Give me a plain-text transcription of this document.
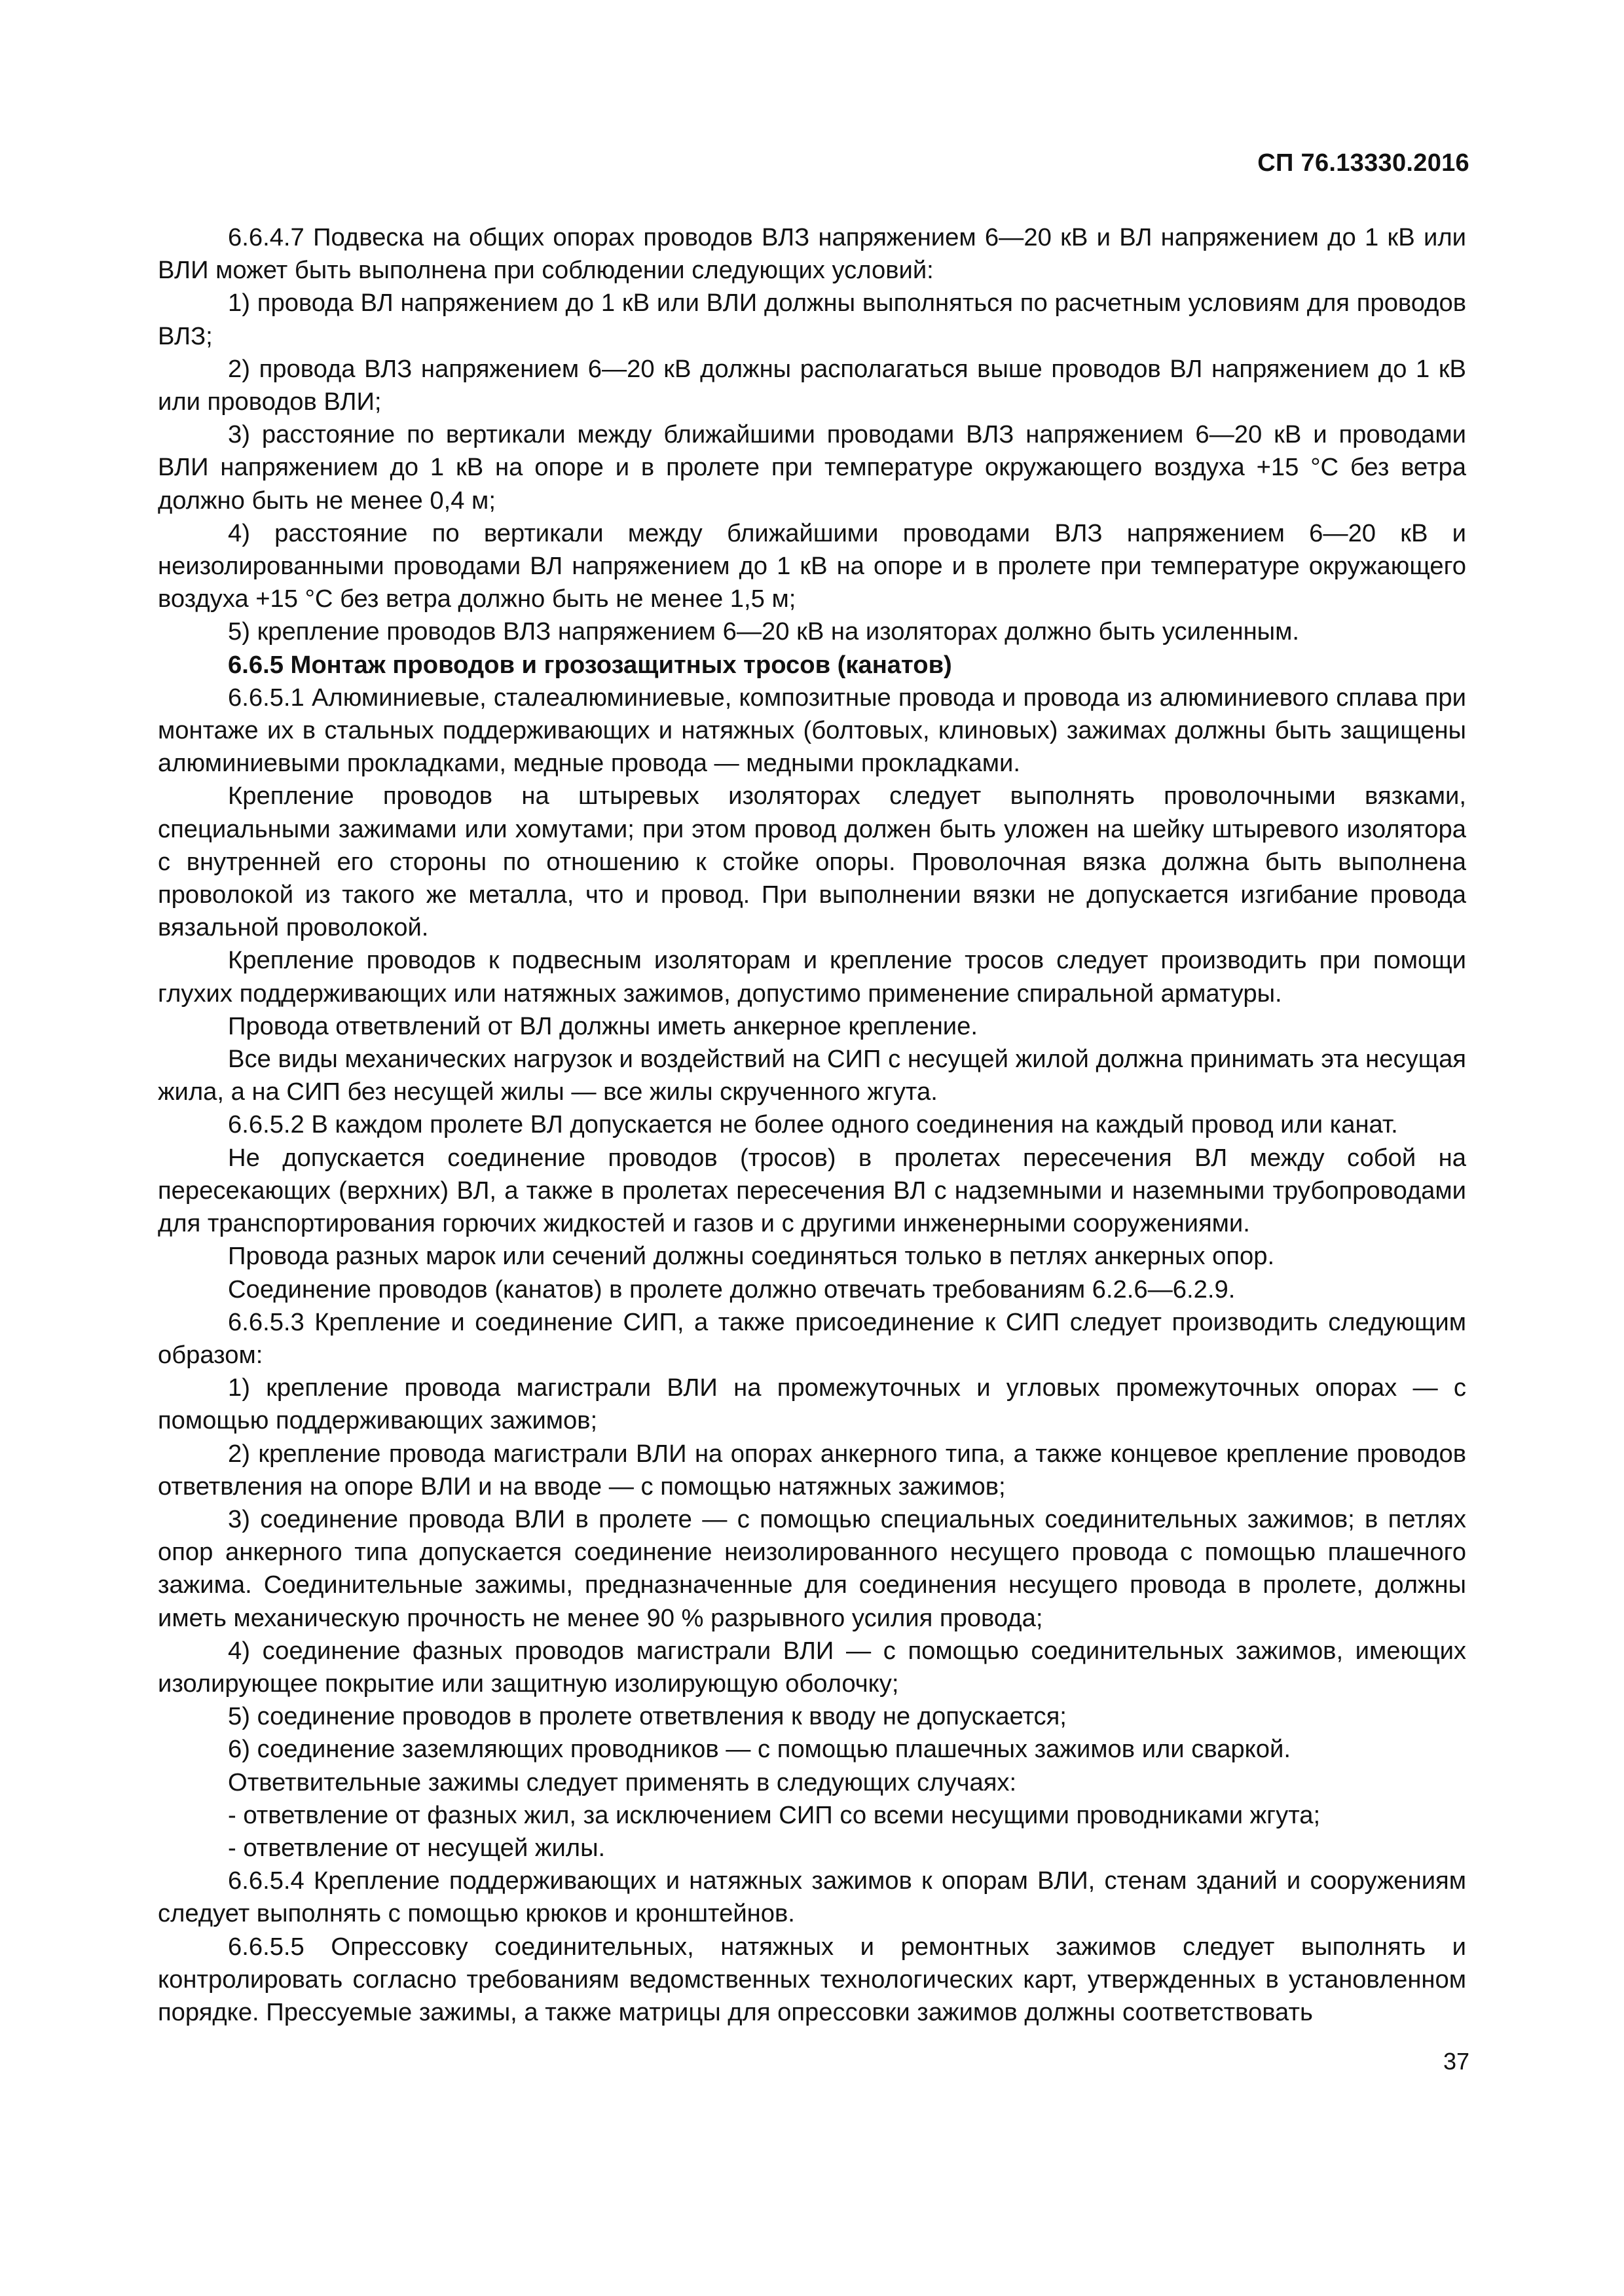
СП 76.13330.2016

6.6.4.7 Подвеска на общих опорах проводов ВЛЗ напряжением 6—20 кВ и ВЛ напряжением до 1 кВ или ВЛИ может быть выполнена при соблюдении следующих условий:

1) провода ВЛ напряжением до 1 кВ или ВЛИ должны выполняться по расчетным условиям для проводов ВЛЗ;

2) провода ВЛЗ напряжением 6—20 кВ должны располагаться выше проводов ВЛ напряжением до 1 кВ или проводов ВЛИ;

3) расстояние по вертикали между ближайшими проводами ВЛЗ напряжением 6—20 кВ и проводами ВЛИ напряжением до 1 кВ на опоре и в пролете при температуре окружающего воздуха +15 °С без ветра должно быть не менее 0,4 м;

4) расстояние по вертикали между ближайшими проводами ВЛЗ напряжением 6—20 кВ и неизолированными проводами ВЛ напряжением до 1 кВ на опоре и в пролете при температуре окружающего воздуха +15 °С без ветра должно быть не менее 1,5 м;

5) крепление проводов ВЛЗ напряжением 6—20 кВ на изоляторах должно быть усиленным.

6.6.5 Монтаж проводов и грозозащитных тросов (канатов)

6.6.5.1 Алюминиевые, сталеалюминиевые, композитные провода и провода из алюминиевого сплава при монтаже их в стальных поддерживающих и натяжных (болтовых, клиновых) зажимах должны быть защищены алюминиевыми прокладками, медные провода — медными прокладками.

Крепление проводов на штыревых изоляторах следует выполнять проволочными вязками, специальными зажимами или хомутами; при этом провод должен быть уложен на шейку штыревого изолятора с внутренней его стороны по отношению к стойке опоры. Проволочная вязка должна быть выполнена проволокой из такого же металла, что и провод. При выполнении вязки не допускается изгибание провода вязальной проволокой.

Крепление проводов к подвесным изоляторам и крепление тросов следует производить при помощи глухих поддерживающих или натяжных зажимов, допустимо применение спиральной арматуры.

Провода ответвлений от ВЛ должны иметь анкерное крепление.

Все виды механических нагрузок и воздействий на СИП с несущей жилой должна принимать эта несущая жила, а на СИП без несущей жилы — все жилы скрученного жгута.

6.6.5.2 В каждом пролете ВЛ допускается не более одного соединения на каждый провод или канат.

Не допускается соединение проводов (тросов) в пролетах пересечения ВЛ между собой на пересекающих (верхних) ВЛ, а также в пролетах пересечения ВЛ с надземными и наземными трубопроводами для транспортирования горючих жидкостей и газов и с другими инженерными сооружениями.

Провода разных марок или сечений должны соединяться только в петлях анкерных опор.

Соединение проводов (канатов) в пролете должно отвечать требованиям 6.2.6—6.2.9.

6.6.5.3 Крепление и соединение СИП, а также присоединение к СИП следует производить следующим образом:

1) крепление провода магистрали ВЛИ на промежуточных и угловых промежуточных опорах — с помощью поддерживающих зажимов;

2) крепление провода магистрали ВЛИ на опорах анкерного типа, а также концевое крепление проводов ответвления на опоре ВЛИ и на вводе — с помощью натяжных зажимов;

3) соединение провода ВЛИ в пролете — с помощью специальных соединительных зажимов; в петлях опор анкерного типа допускается соединение неизолированного несущего провода с помощью плашечного зажима. Соединительные зажимы, предназначенные для соединения несущего провода в пролете, должны иметь механическую прочность не менее 90 % разрывного усилия провода;

4) соединение фазных проводов магистрали ВЛИ — с помощью соединительных зажимов, имеющих изолирующее покрытие или защитную изолирующую оболочку;

5) соединение проводов в пролете ответвления к вводу не допускается;

6) соединение заземляющих проводников — с помощью плашечных зажимов или сваркой.

Ответвительные зажимы следует применять в следующих случаях:

- ответвление от фазных жил, за исключением СИП со всеми несущими проводниками жгута;

- ответвление от несущей жилы.

6.6.5.4 Крепление поддерживающих и натяжных зажимов к опорам ВЛИ, стенам зданий и сооружениям следует выполнять с помощью крюков и кронштейнов.

6.6.5.5 Опрессовку соединительных, натяжных и ремонтных зажимов следует выполнять и контролировать согласно требованиям ведомственных технологических карт, утвержденных в установленном порядке. Прессуемые зажимы, а также матрицы для опрессовки зажимов должны соответствовать

37
